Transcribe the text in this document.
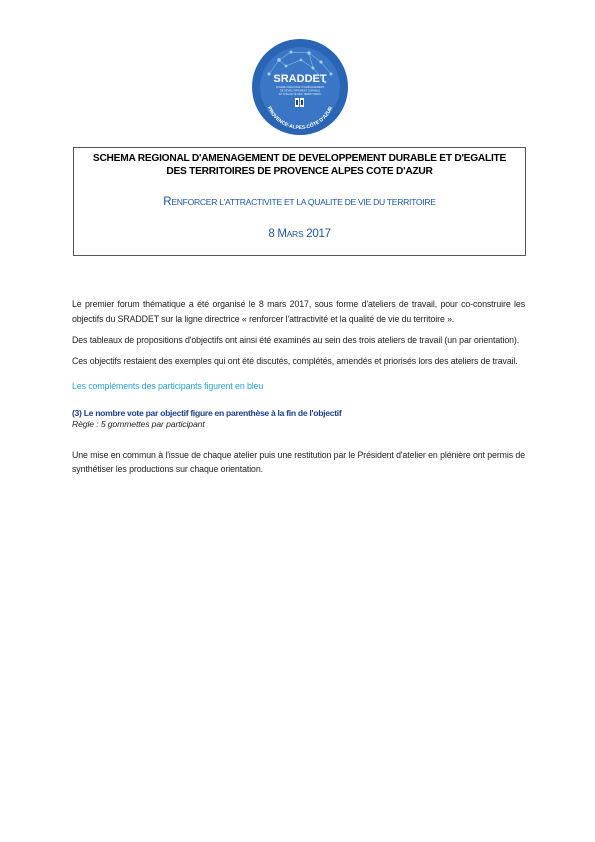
SRADDET
SCHÉMA RÉGIONAL D'AMÉNAGEMENT
DE DÉVELOPPEMENT DURABLE
ET D'ÉGALITÉ DES TERRITOIRES
PROVENCE-ALPES-CÔTE D'AZUR
SCHEMA REGIONAL D'AMENAGEMENT DE DEVELOPPEMENT DURABLE ET D'EGALITE
DES TERRITOIRES DE PROVENCE ALPES COTE D'AZUR
RENFORCER L'ATTRACTIVITE ET LA QUALITE DE VIE DU TERRITOIRE
8 MARS 2017

Le premier forum thématique a été organisé le 8 mars 2017, sous forme d'ateliers de travail, pour co-construire les objectifs du SRADDET sur la ligne directrice « renforcer l'attractivité et la qualité de vie du territoire ».

Des tableaux de propositions d'objectifs ont ainsi été examinés au sein des trois ateliers de travail (un par orientation).

Ces objectifs restaient des exemples qui ont été discutés, complétés, amendés et priorisés lors des ateliers de travail.

Les compléments des participants figurent en bleu

(3) Le nombre vote par objectif figure en parenthèse à la fin de l'objectif

Règle : 5 gommettes par participant

Une mise en commun à l'issue de chaque atelier puis une restitution par le Président d'atelier en plénière ont permis de synthétiser les productions sur chaque orientation.
